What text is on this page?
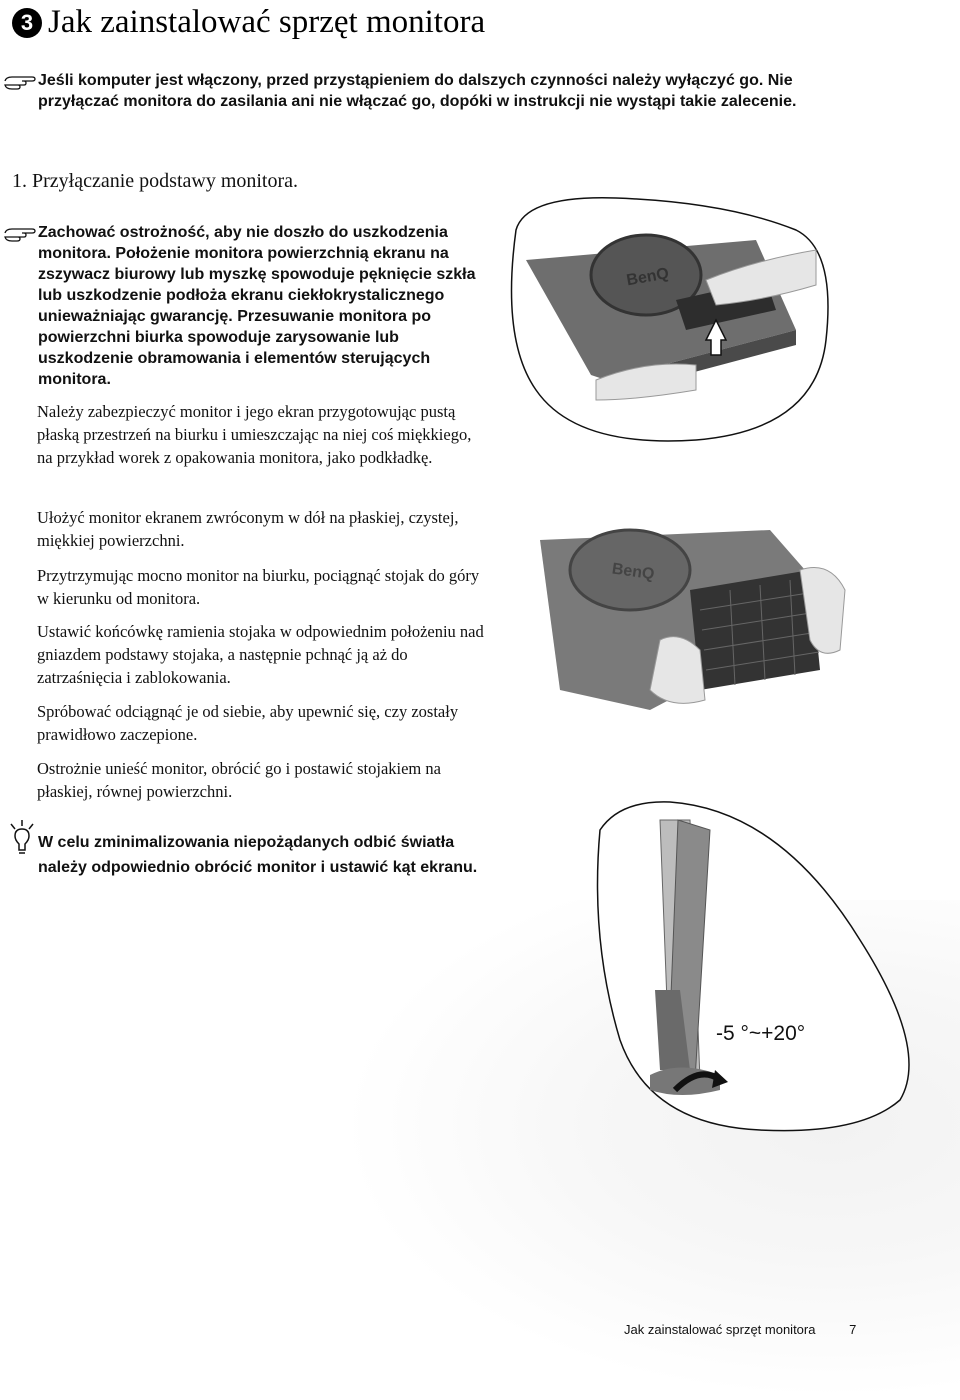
3 Jak zainstalować sprzęt monitora
Jeśli komputer jest włączony, przed przystąpieniem do dalszych czynności należy wyłączyć go. Nie przyłączać monitora do zasilania ani nie włączać go, dopóki w instrukcji nie wystąpi takie zalecenie.
1. Przyłączanie podstawy monitora.
Zachować ostrożność, aby nie doszło do uszkodzenia monitora. Położenie monitora powierzchnią ekranu na zszywacz biurowy lub myszkę spowoduje pęknięcie szkła lub uszkodzenie podłoża ekranu ciekłokrystalicznego unieważniając gwarancję. Przesuwanie monitora po powierzchni biurka spowoduje zarysowanie lub uszkodzenie obramowania i elementów sterujących monitora.
Należy zabezpieczyć monitor i jego ekran przygotowując pustą płaską przestrzeń na biurku i umieszczając na niej coś miękkiego, na przykład worek z opakowania monitora, jako podkładkę.
Ułożyć monitor ekranem zwróconym w dół na płaskiej, czystej, miękkiej powierzchni.
Przytrzymując mocno monitor na biurku, pociągnąć stojak do góry w kierunku od monitora.
Ustawić końcówkę ramienia stojaka w odpowiednim położeniu nad gniazdem podstawy stojaka, a następnie pchnąć ją aż do zatrzaśnięcia i zablokowania.
Spróbować odciągnąć je od siebie, aby upewnić się, czy zostały prawidłowo zaczepione.
Ostrożnie unieść monitor, obrócić go i postawić stojakiem na płaskiej, równej powierzchni.
W celu zminimalizowania niepożądanych odbić światła należy odpowiednio obrócić monitor i ustawić kąt ekranu.
BenQ
BenQ
-5 °~+20°
Jak zainstalować sprzęt monitora	7
